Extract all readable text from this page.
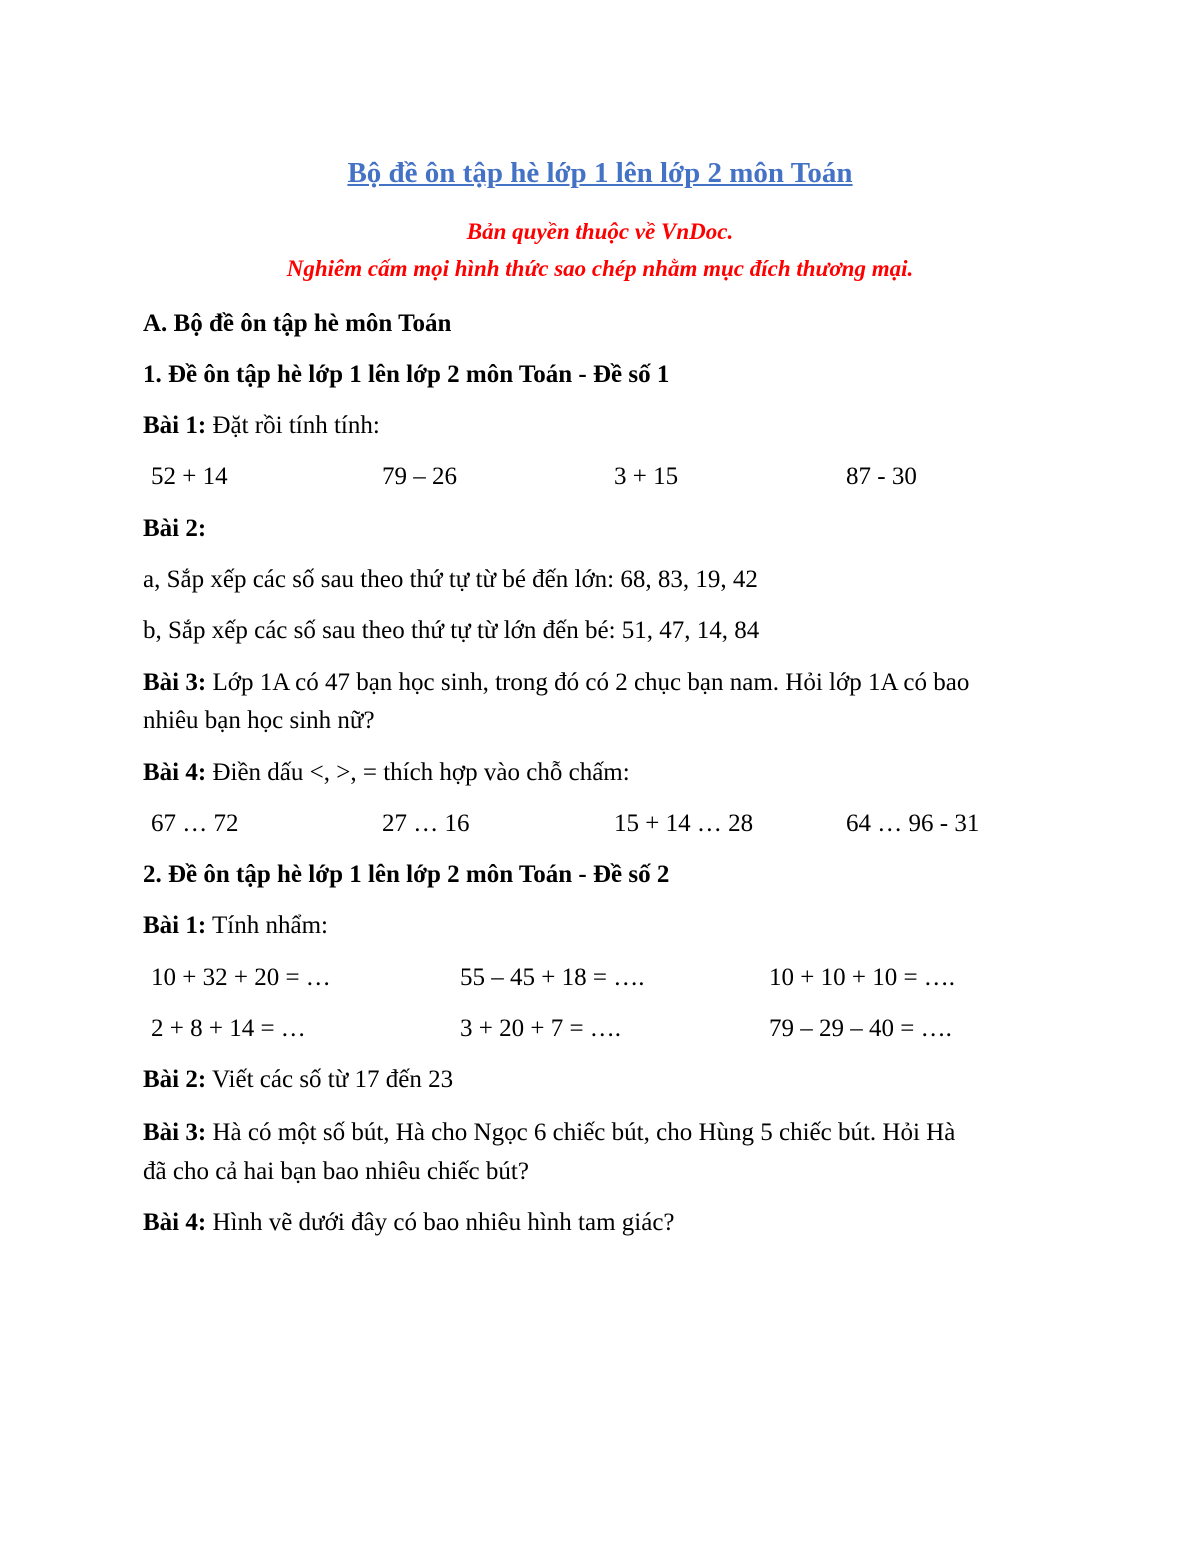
Bộ đề ôn tập hè lớp 1 lên lớp 2 môn Toán
Bản quyền thuộc về VnDoc.
Nghiêm cấm mọi hình thức sao chép nhằm mục đích thương mại.
A. Bộ đề ôn tập hè môn Toán
1. Đề ôn tập hè lớp 1 lên lớp 2 môn Toán - Đề số 1
Bài 1: Đặt rồi tính tính:
52 + 14	79 – 26	3 + 15	87 - 30
Bài 2:
a, Sắp xếp các số sau theo thứ tự từ bé đến lớn: 68, 83, 19, 42
b, Sắp xếp các số sau theo thứ tự từ lớn đến bé: 51, 47, 14, 84
Bài 3: Lớp 1A có 47 bạn học sinh, trong đó có 2 chục bạn nam. Hỏi lớp 1A có bao
nhiêu bạn học sinh nữ?
Bài 4: Điền dấu <, >, = thích hợp vào chỗ chấm:
67 … 72	27 … 16	15 + 14 … 28	64 … 96 - 31
2. Đề ôn tập hè lớp 1 lên lớp 2 môn Toán - Đề số 2
Bài 1: Tính nhẩm:
10 + 32 + 20 = …	55 – 45 + 18 = ….	10 + 10 + 10 = ….
2 + 8 + 14 = …	3 + 20 + 7 = ….	79 – 29 – 40 = ….
Bài 2: Viết các số từ 17 đến 23
Bài 3: Hà có một số bút, Hà cho Ngọc 6 chiếc bút, cho Hùng 5 chiếc bút. Hỏi Hà
đã cho cả hai bạn bao nhiêu chiếc bút?
Bài 4: Hình vẽ dưới đây có bao nhiêu hình tam giác?
